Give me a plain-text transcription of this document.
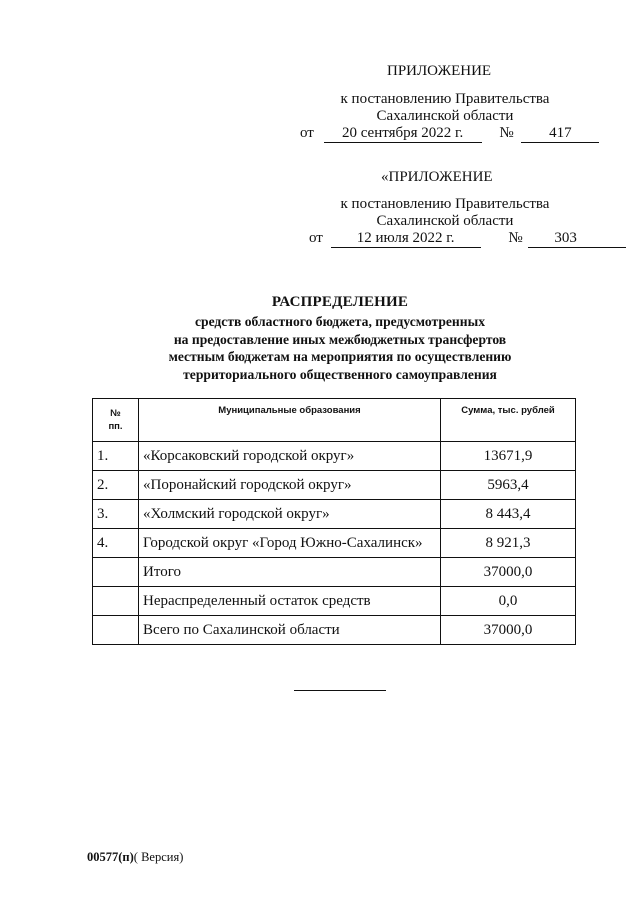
ПРИЛОЖЕНИЕ
к постановлению Правительства
Сахалинской области
от 20 сентября 2022 г. № 417
«ПРИЛОЖЕНИЕ
к постановлению Правительства
Сахалинской области
от 12 июля 2022 г.	№ 303
РАСПРЕДЕЛЕНИЕ
средств областного бюджета, предусмотренных
на предоставление иных межбюджетных трансфертов
местным бюджетам на мероприятия по осуществлению
территориального общественного самоуправления
№
пп.	Муниципальные образования	Сумма, тыс. рублей
1.	«Корсаковский городской округ»	13671,9
2.	«Поронайский городской округ»	5963,4
3.	«Холмский городской округ»	8 443,4
4.	Городской округ «Город Южно-Сахалинск»	8 921,3
	Итого	37000,0
	Нераспределенный остаток средств	0,0
	Всего по Сахалинской области	37000,0
00577(п)( Версия)
